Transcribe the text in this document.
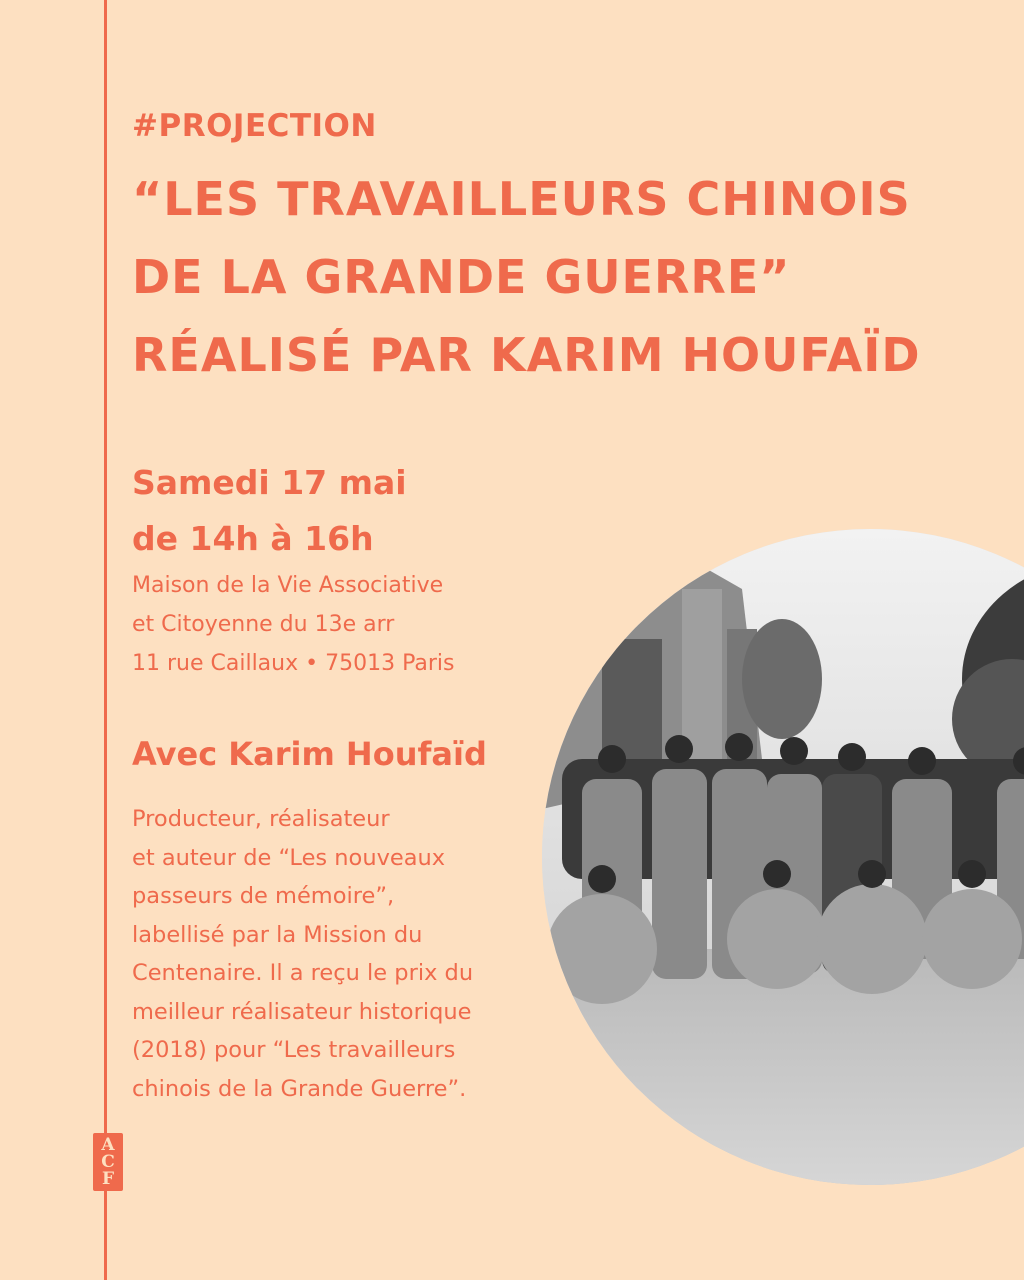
#PROJECTION
“LES TRAVAILLEURS CHINOIS
DE LA GRANDE GUERRE”
RÉALISÉ PAR KARIM HOUFAÏD
Samedi 17 mai
de 14h à 16h
Maison de la Vie Associative
et Citoyenne du 13e arr
11 rue Caillaux • 75013 Paris
Avec Karim Houfaïd
Producteur, réalisateur
et auteur de “Les nouveaux
passeurs de mémoire”,
labellisé par la Mission du
Centenaire. Il a reçu le prix du
meilleur réalisateur historique
(2018) pour “Les travailleurs
chinois de la Grande Guerre”.
A
C
F
